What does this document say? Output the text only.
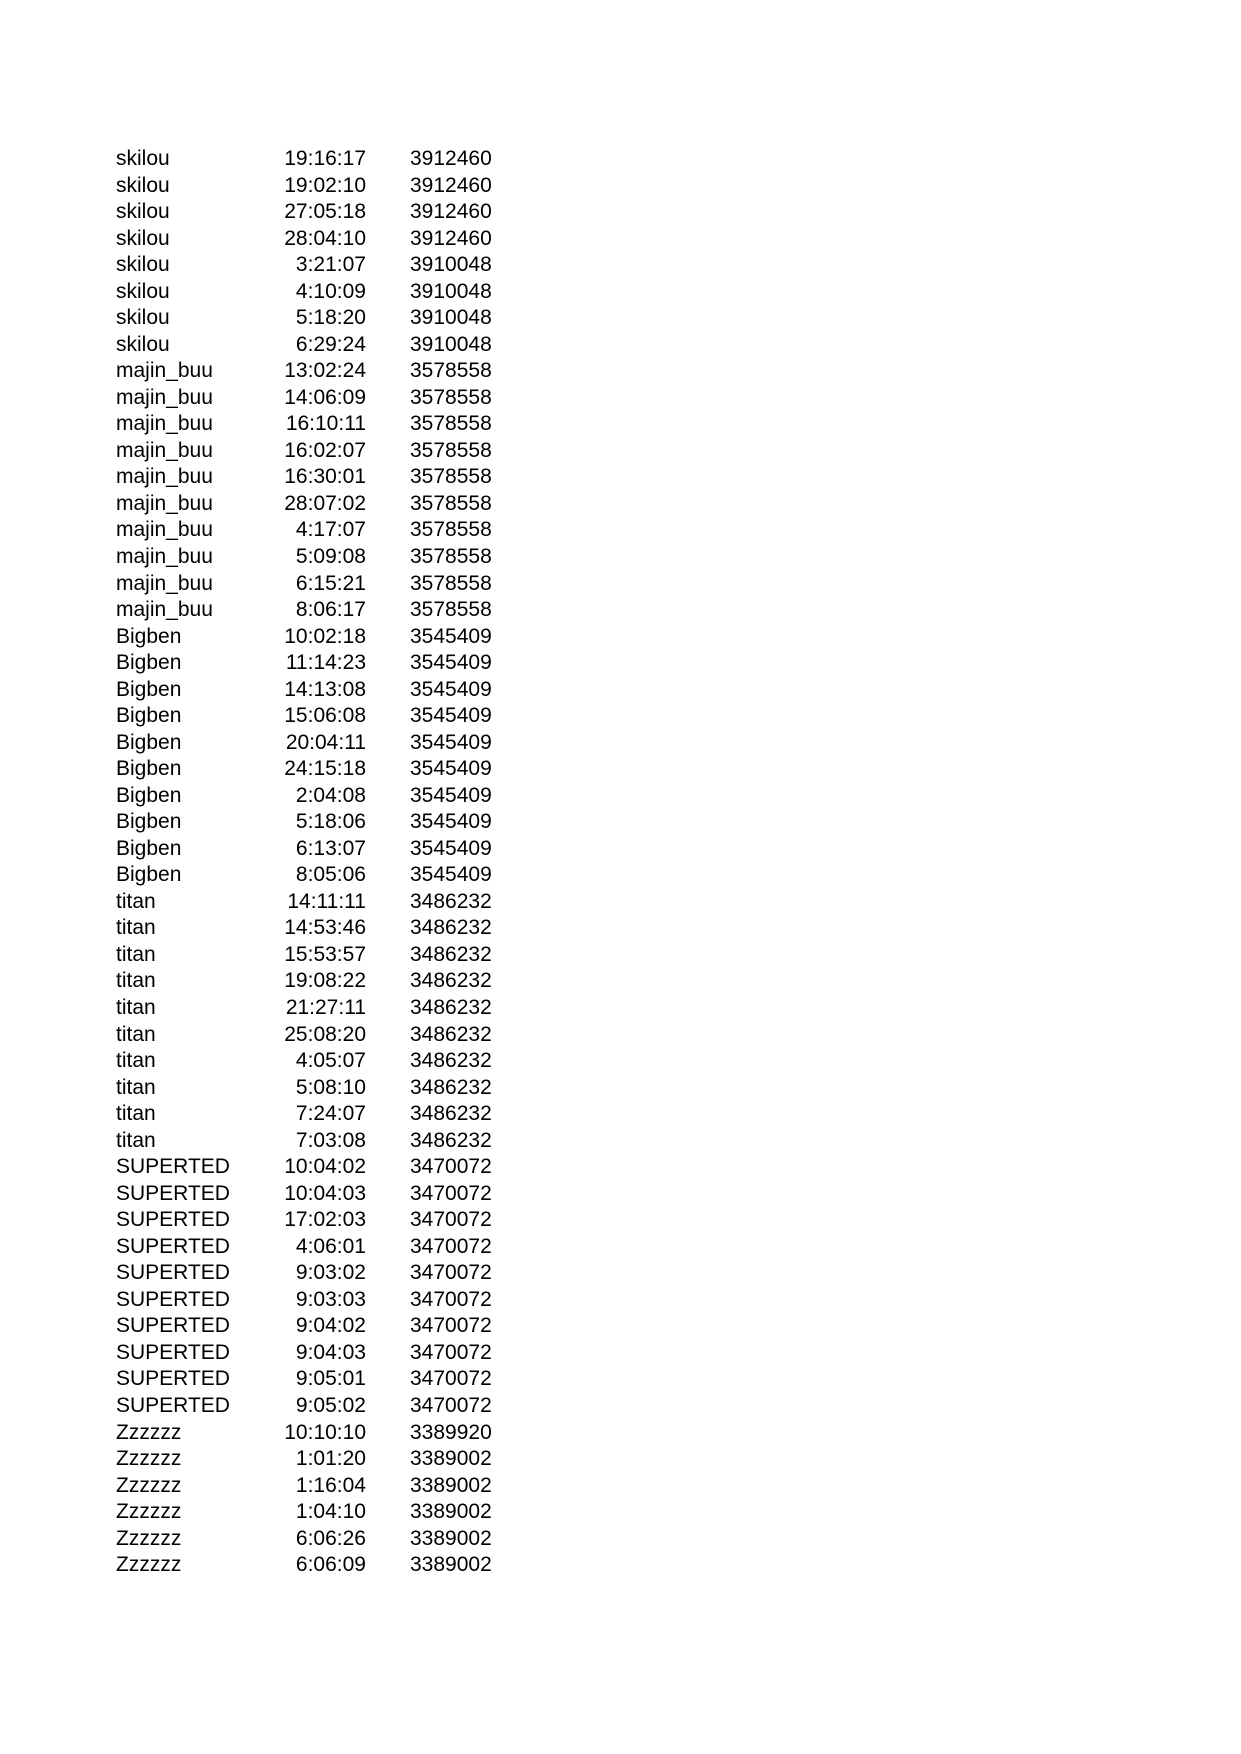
skilou	19:16:17 3912460
skilou	19:02:10 3912460
skilou	27:05:18 3912460
skilou	28:04:10 3912460
skilou	3:21:07 3910048
skilou	4:10:09 3910048
skilou	5:18:20 3910048
skilou	6:29:24 3910048
majin_buu	13:02:24 3578558
majin_buu	14:06:09 3578558
majin_buu	16:10:11 3578558
majin_buu	16:02:07 3578558
majin_buu	16:30:01 3578558
majin_buu	28:07:02 3578558
majin_buu	4:17:07 3578558
majin_buu	5:09:08 3578558
majin_buu	6:15:21 3578558
majin_buu	8:06:17 3578558
Bigben	10:02:18 3545409
Bigben	11:14:23 3545409
Bigben	14:13:08 3545409
Bigben	15:06:08 3545409
Bigben	20:04:11 3545409
Bigben	24:15:18 3545409
Bigben	2:04:08 3545409
Bigben	5:18:06 3545409
Bigben	6:13:07 3545409
Bigben	8:05:06 3545409
titan	14:11:11 3486232
titan	14:53:46 3486232
titan	15:53:57 3486232
titan	19:08:22 3486232
titan	21:27:11 3486232
titan	25:08:20 3486232
titan	4:05:07 3486232
titan	5:08:10 3486232
titan	7:24:07 3486232
titan	7:03:08 3486232
SUPERTED	10:04:02 3470072
SUPERTED	10:04:03 3470072
SUPERTED	17:02:03 3470072
SUPERTED	4:06:01 3470072
SUPERTED	9:03:02 3470072
SUPERTED	9:03:03 3470072
SUPERTED	9:04:02 3470072
SUPERTED	9:04:03 3470072
SUPERTED	9:05:01 3470072
SUPERTED	9:05:02 3470072
Zzzzzz	10:10:10 3389920
Zzzzzz	1:01:20 3389002
Zzzzzz	1:16:04 3389002
Zzzzzz	1:04:10 3389002
Zzzzzz	6:06:26 3389002
Zzzzzz	6:06:09 3389002
